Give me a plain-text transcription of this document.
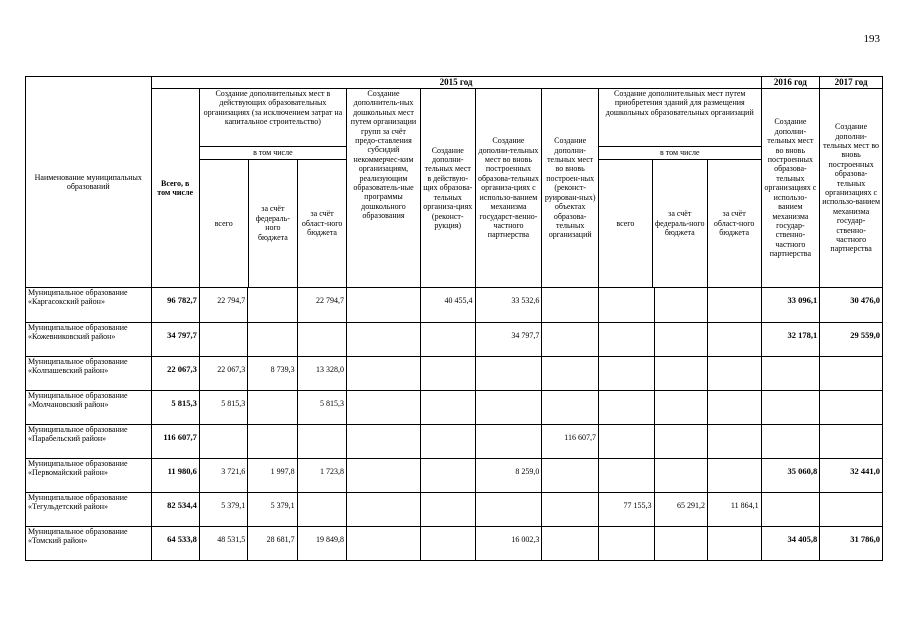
193
Наименование муниципальных образований	2015 год	2016 год	2017 год
Всего, в том числе	Создание дополнительных мест в действующих образовательных организациях (за исключением затрат на капитальное строительство)	Создание дополнитель-ных дошкольных мест путем организации групп за счёт предо-ставления субсидий некоммерчес-ким организациям, реализующим образователь-ные программы дошкольного образования	Создание дополни-тельных мест в действую-щих образова-тельных организа-циях (реконст-рукция)	Создание дополни-тельных мест во вновь построенных образова-тельных организа-циях с использо-ванием механизма государст-венно-частного партнерства	Создание дополни-тельных мест во вновь построен-ных (реконст-руирован-ных) объектах образова-тельных организаций	Создание дополнительных мест путем приобретения зданий для размещения дошкольных образовательных организаций	Создание дополни-тельных мест во вновь построенных образова-тельных организациях с использо-ванием механизма государ-ственно-частного партнерства	Создание дополни-тельных мест во вновь построенных образова-тельных организациях с использо-ванием механизма государ-ственно-частного партнерства

в том числе
всего	за счёт федераль-ного бюджета	за счёт област-ного бюджета

в том числе
всего	за счёт федераль-ного бюджета	за счёт област-ного бюджета

Муниципальное образование «Каргасокский район»	96 782,7	22 794,7		22 794,7		40 455,4	33 532,6					33 096,1	30 476,0
Муниципальное образование «Кожевниковский район»	34 797,7						34 797,7					32 178,1	29 559,0
Муниципальное образование «Колпашевский район»	22 067,3	22 067,3	8 739,3	13 328,0									
Муниципальное образование «Молчановский район»	5 815,3	5 815,3		5 815,3									
Муниципальное образование «Парабельский район»	116 607,7							116 607,7					
Муниципальное образование «Первомайский район»	11 980,6	3 721,6	1 997,8	1 723,8			8 259,0					35 060,8	32 441,0
Муниципальное образование «Тегульдетский район»	82 534,4	5 379,1	5 379,1						77 155,3	65 291,2	11 864,1		
Муниципальное образование «Томский район»	64 533,8	48 531,5	28 681,7	19 849,8			16 002,3					34 405,8	31 786,0
